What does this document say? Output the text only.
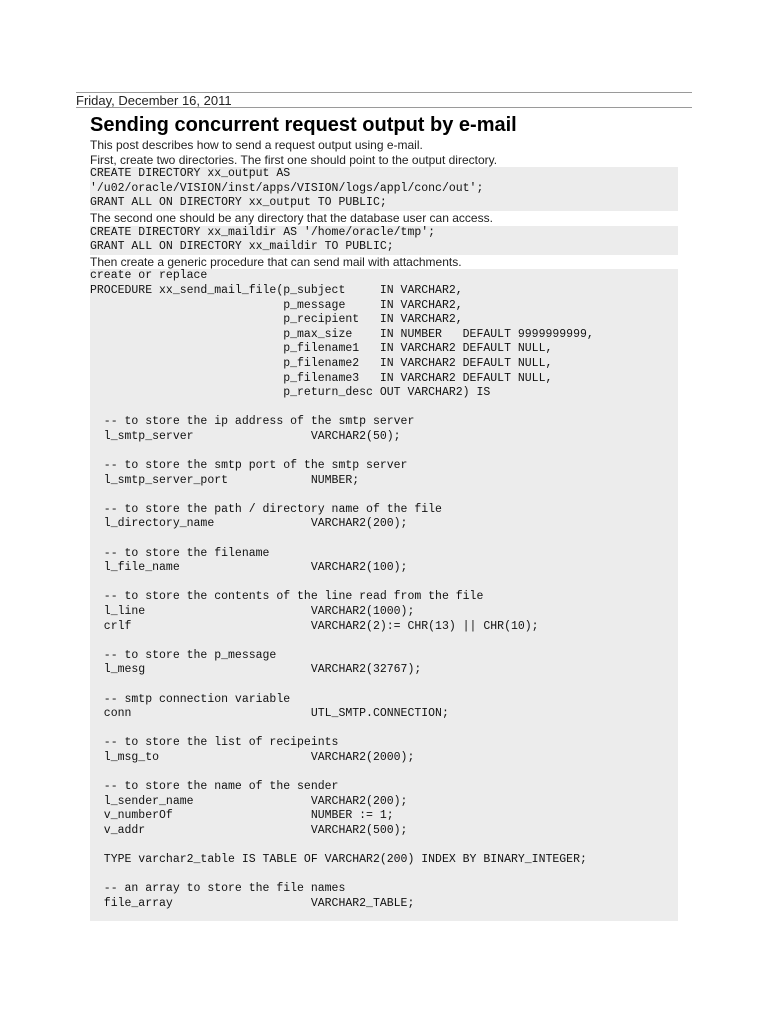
Friday, December 16, 2011
Sending concurrent request output by e-mail

This post describes how to send a request output using e-mail.

First, create two directories. The first one should point to the output directory.

CREATE DIRECTORY xx_output AS
'/u02/oracle/VISION/inst/apps/VISION/logs/appl/conc/out';
GRANT ALL ON DIRECTORY xx_output TO PUBLIC;

The second one should be any directory that the database user can access.

CREATE DIRECTORY xx_maildir AS '/home/oracle/tmp';
GRANT ALL ON DIRECTORY xx_maildir TO PUBLIC;

Then create a generic procedure that can send mail with attachments.

create or replace
PROCEDURE xx_send_mail_file(p_subject     IN VARCHAR2,
p_message     IN VARCHAR2,
p_recipient   IN VARCHAR2,
p_max_size    IN NUMBER   DEFAULT 9999999999,
p_filename1   IN VARCHAR2 DEFAULT NULL,
p_filename2   IN VARCHAR2 DEFAULT NULL,
p_filename3   IN VARCHAR2 DEFAULT NULL,
p_return_desc OUT VARCHAR2) IS

-- to store the ip address of the smtp server
l_smtp_server                 VARCHAR2(50);

-- to store the smtp port of the smtp server
l_smtp_server_port            NUMBER;

-- to store the path / directory name of the file
l_directory_name              VARCHAR2(200);

-- to store the filename
l_file_name                   VARCHAR2(100);

-- to store the contents of the line read from the file
l_line                        VARCHAR2(1000);
crlf                          VARCHAR2(2):= CHR(13) || CHR(10);

-- to store the p_message
l_mesg                        VARCHAR2(32767);

-- smtp connection variable
conn                          UTL_SMTP.CONNECTION;

-- to store the list of recipeints
l_msg_to                      VARCHAR2(2000);

-- to store the name of the sender
l_sender_name                 VARCHAR2(200);
v_numberOf                    NUMBER := 1;
v_addr                        VARCHAR2(500);

TYPE varchar2_table IS TABLE OF VARCHAR2(200) INDEX BY BINARY_INTEGER;

-- an array to store the file names
file_array                    VARCHAR2_TABLE;
